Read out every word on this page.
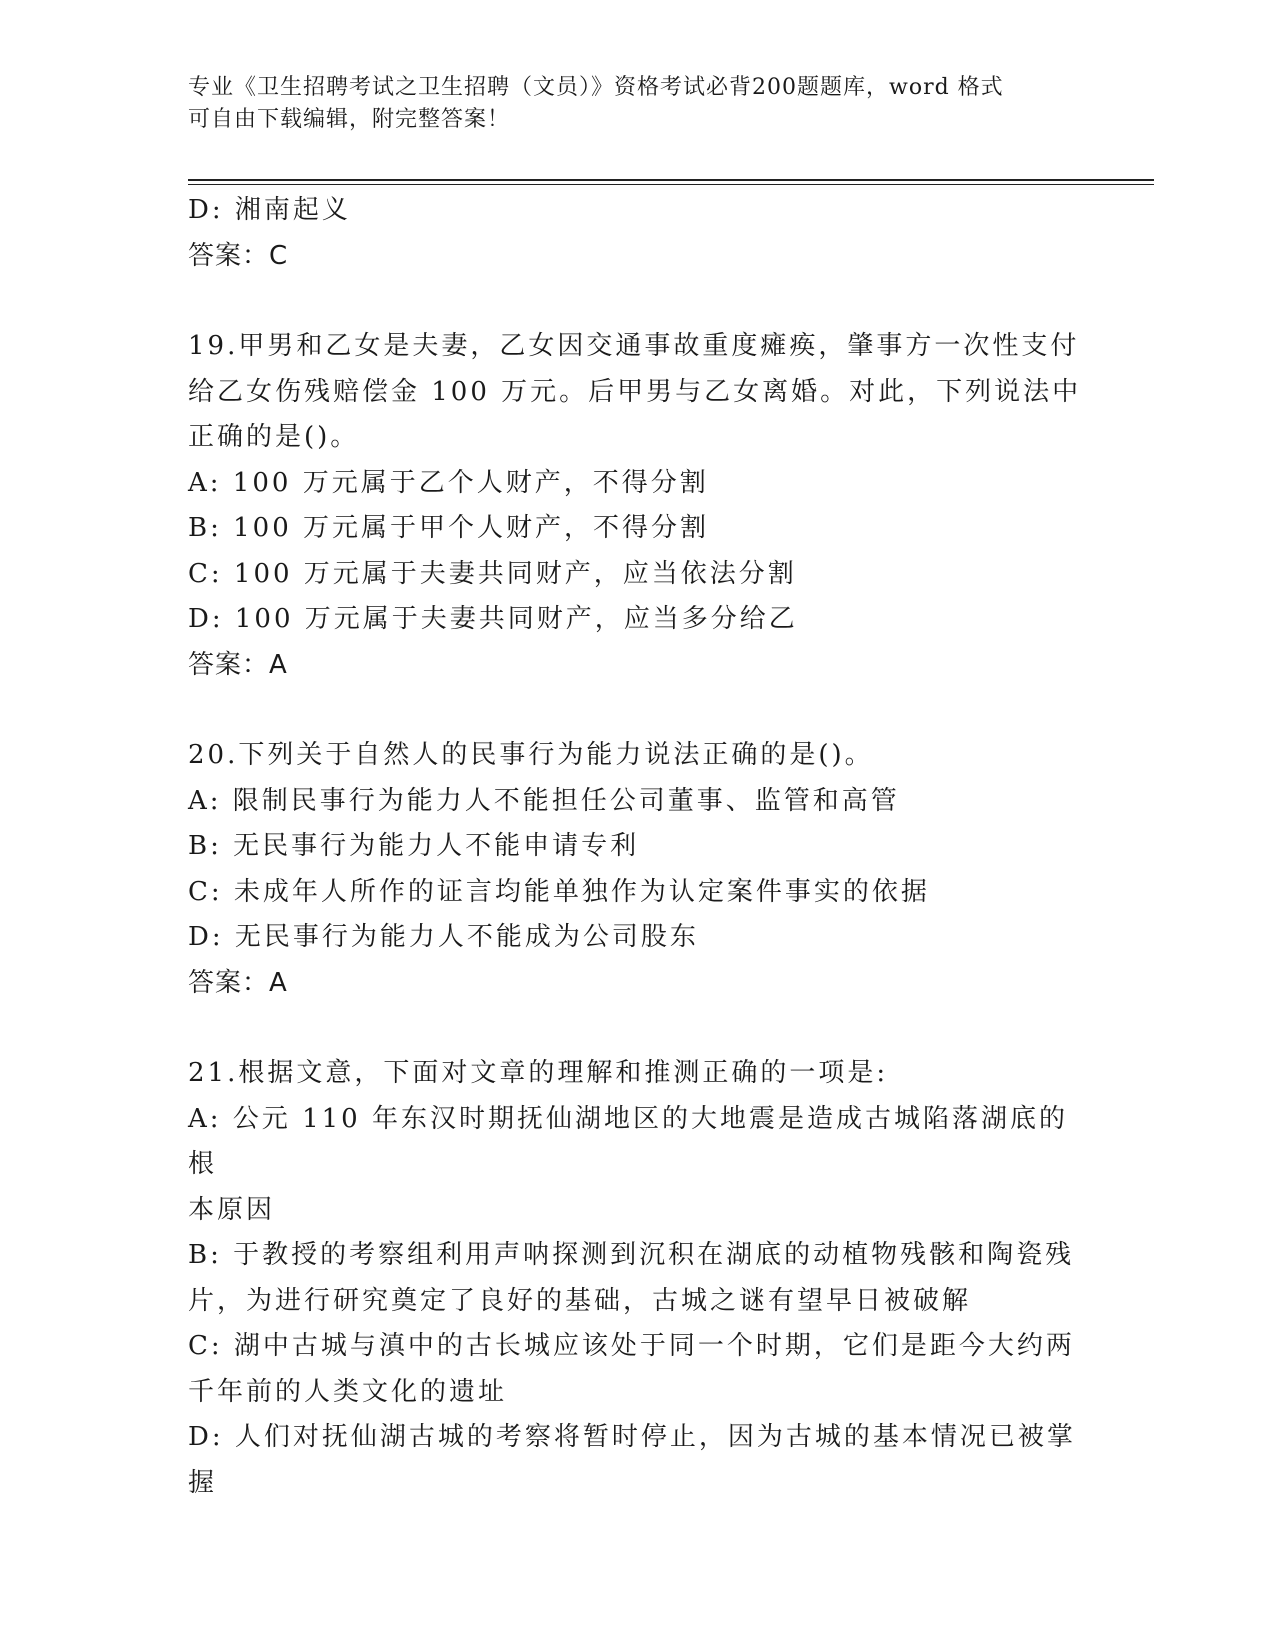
专业《卫生招聘考试之卫生招聘（文员）》资格考试必背200题题库，word 格式
可自由下载编辑，附完整答案！

D: 湘南起义

答案：C

19.甲男和乙女是夫妻，乙女因交通事故重度瘫痪，肇事方一次性支付

给乙女伤残赔偿金 100 万元。后甲男与乙女离婚。对此，下列说法中

正确的是()。

A: 100 万元属于乙个人财产，不得分割

B: 100 万元属于甲个人财产，不得分割

C: 100 万元属于夫妻共同财产，应当依法分割

D: 100 万元属于夫妻共同财产，应当多分给乙

答案：A

20.下列关于自然人的民事行为能力说法正确的是()。

A: 限制民事行为能力人不能担任公司董事、监管和高管

B: 无民事行为能力人不能申请专利

C: 未成年人所作的证言均能单独作为认定案件事实的依据

D: 无民事行为能力人不能成为公司股东

答案：A

21.根据文意，下面对文章的理解和推测正确的一项是:

A: 公元 110 年东汉时期抚仙湖地区的大地震是造成古城陷落湖底的根

本原因

B: 于教授的考察组利用声呐探测到沉积在湖底的动植物残骸和陶瓷残

片，为进行研究奠定了良好的基础，古城之谜有望早日被破解

C: 湖中古城与滇中的古长城应该处于同一个时期，它们是距今大约两

千年前的人类文化的遗址

D: 人们对抚仙湖古城的考察将暂时停止，因为古城的基本情况已被掌

握
